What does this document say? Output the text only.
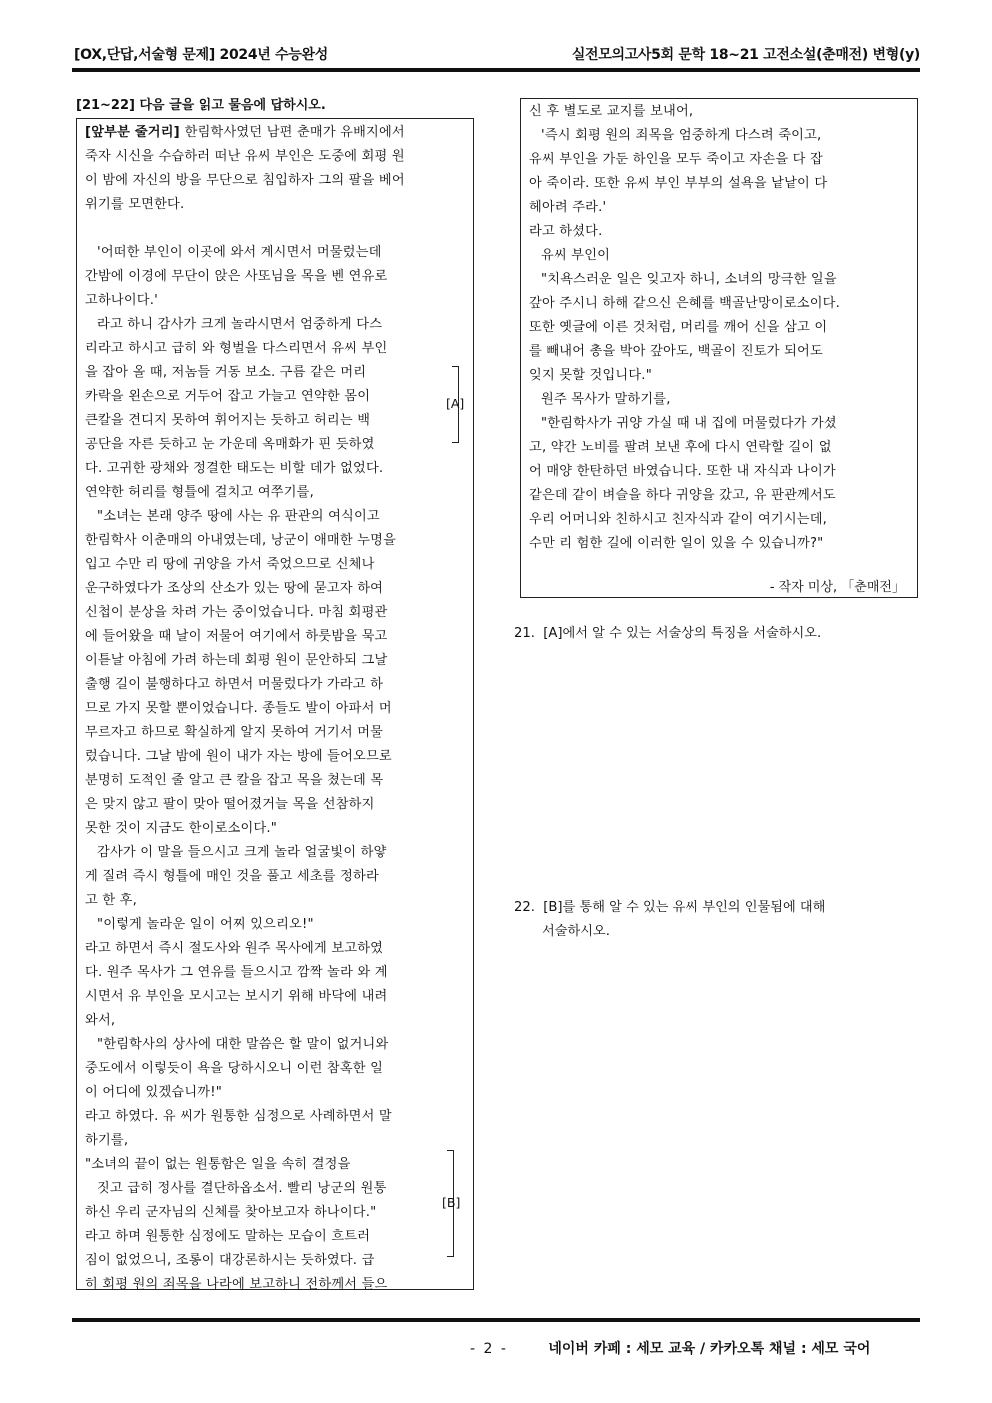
[OX,단답,서술형 문제] 2024년 수능완성	실전모의고사5회 문학 18~21 고전소설(춘매전) 변형(y)
[21~22] 다음 글을 읽고 물음에 답하시오.
[앞부분 줄거리] 한림학사였던 남편 춘매가 유배지에서
죽자 시신을 수습하러 떠난 유씨 부인은 도중에 회평 원
이 밤에 자신의 방을 무단으로 침입하자 그의 팔을 베어
위기를 모면한다.

'어떠한 부인이 이곳에 와서 계시면서 머물렀는데
간밤에 이경에 무단이 앉은 사또님을 목을 벤 연유로
고하나이다.'
라고 하니 감사가 크게 놀라시면서 엄중하게 다스
리라고 하시고 급히 와 형벌을 다스리면서 유씨 부인
을 잡아 올 때, 저놈들 거동 보소. 구름 같은 머리
카락을 왼손으로 거두어 잡고 가늘고 연약한 몸이
큰칼을 견디지 못하여 휘어지는 듯하고 허리는 백
공단을 자른 듯하고 눈 가운데 옥매화가 핀 듯하였
다. 고귀한 광채와 정결한 태도는 비할 데가 없었다.
연약한 허리를 형틀에 걸치고 여쭈기를,
"소녀는 본래 양주 땅에 사는 유 판관의 여식이고
한림학사 이춘매의 아내였는데, 낭군이 애매한 누명을
입고 수만 리 땅에 귀양을 가서 죽었으므로 신체나
운구하였다가 조상의 산소가 있는 땅에 묻고자 하여
신첩이 분상을 차려 가는 중이었습니다. 마침 회평관
에 들어왔을 때 날이 저물어 여기에서 하룻밤을 묵고
이튿날 아침에 가려 하는데 회평 원이 문안하되 그날
출행 길이 불행하다고 하면서 머물렀다가 가라고 하
므로 가지 못할 뿐이었습니다. 종들도 발이 아파서 머
무르자고 하므로 확실하게 알지 못하여 거기서 머물
렀습니다. 그날 밤에 원이 내가 자는 방에 들어오므로
분명히 도적인 줄 알고 큰 칼을 잡고 목을 쳤는데 목
은 맞지 않고 팔이 맞아 떨어졌거늘 목을 선참하지
못한 것이 지금도 한이로소이다."
감사가 이 말을 들으시고 크게 놀라 얼굴빛이 하얗
게 질려 즉시 형틀에 매인 것을 풀고 세초를 정하라
고 한 후,
"이렇게 놀라운 일이 어찌 있으리오!"
라고 하면서 즉시 절도사와 원주 목사에게 보고하였
다. 원주 목사가 그 연유를 들으시고 깜짝 놀라 와 계
시면서 유 부인을 모시고는 보시기 위해 바닥에 내려
와서,
"한림학사의 상사에 대한 말씀은 할 말이 없거니와
중도에서 이렇듯이 욕을 당하시오니 이런 참혹한 일
이 어디에 있겠습니까!"
라고 하였다. 유 씨가 원통한 심정으로 사례하면서 말
하기를,
"소녀의 끝이 없는 원통함은 일을 속히 결정을
짓고 급히 정사를 결단하옵소서. 빨리 낭군의 원통
하신 우리 군자님의 신체를 찾아보고자 하나이다."
라고 하며 원통한 심정에도 말하는 모습이 흐트러
짐이 없었으니, 조롱이 대강론하시는 듯하였다. 급
히 회평 원의 죄목을 나라에 보고하니 전하께서 들으
[A]
[B]
신 후 별도로 교지를 보내어,
'즉시 회평 원의 죄목을 엄중하게 다스려 죽이고,
유씨 부인을 가둔 하인을 모두 죽이고 자손을 다 잡
아 죽이라. 또한 유씨 부인 부부의 설욕을 낱낱이 다
헤아려 주라.'
라고 하셨다.
유씨 부인이
"치욕스러운 일은 잊고자 하니, 소녀의 망극한 일을
갚아 주시니 하해 같으신 은혜를 백골난망이로소이다.
또한 옛글에 이른 것처럼, 머리를 깨어 신을 삼고 이
를 빼내어 총을 박아 갚아도, 백골이 진토가 되어도
잊지 못할 것입니다."
원주 목사가 말하기를,
"한림학사가 귀양 가실 때 내 집에 머물렀다가 가셨
고, 약간 노비를 팔려 보낸 후에 다시 연락할 길이 없
어 매양 한탄하던 바였습니다. 또한 내 자식과 나이가
같은데 같이 벼슬을 하다 귀양을 갔고, 유 판관께서도
우리 어머니와 친하시고 친자식과 같이 여기시는데,
수만 리 험한 길에 이러한 일이 있을 수 있습니까?"
- 작자 미상, 「춘매전」
21. [A]에서 알 수 있는 서술상의 특징을 서술하시오.
22. [B]를 통해 알 수 있는 유씨 부인의 인물됨에 대해
서술하시오.
- 2 -	네이버 카페 : 세모 교육 / 카카오톡 채널 : 세모 국어
